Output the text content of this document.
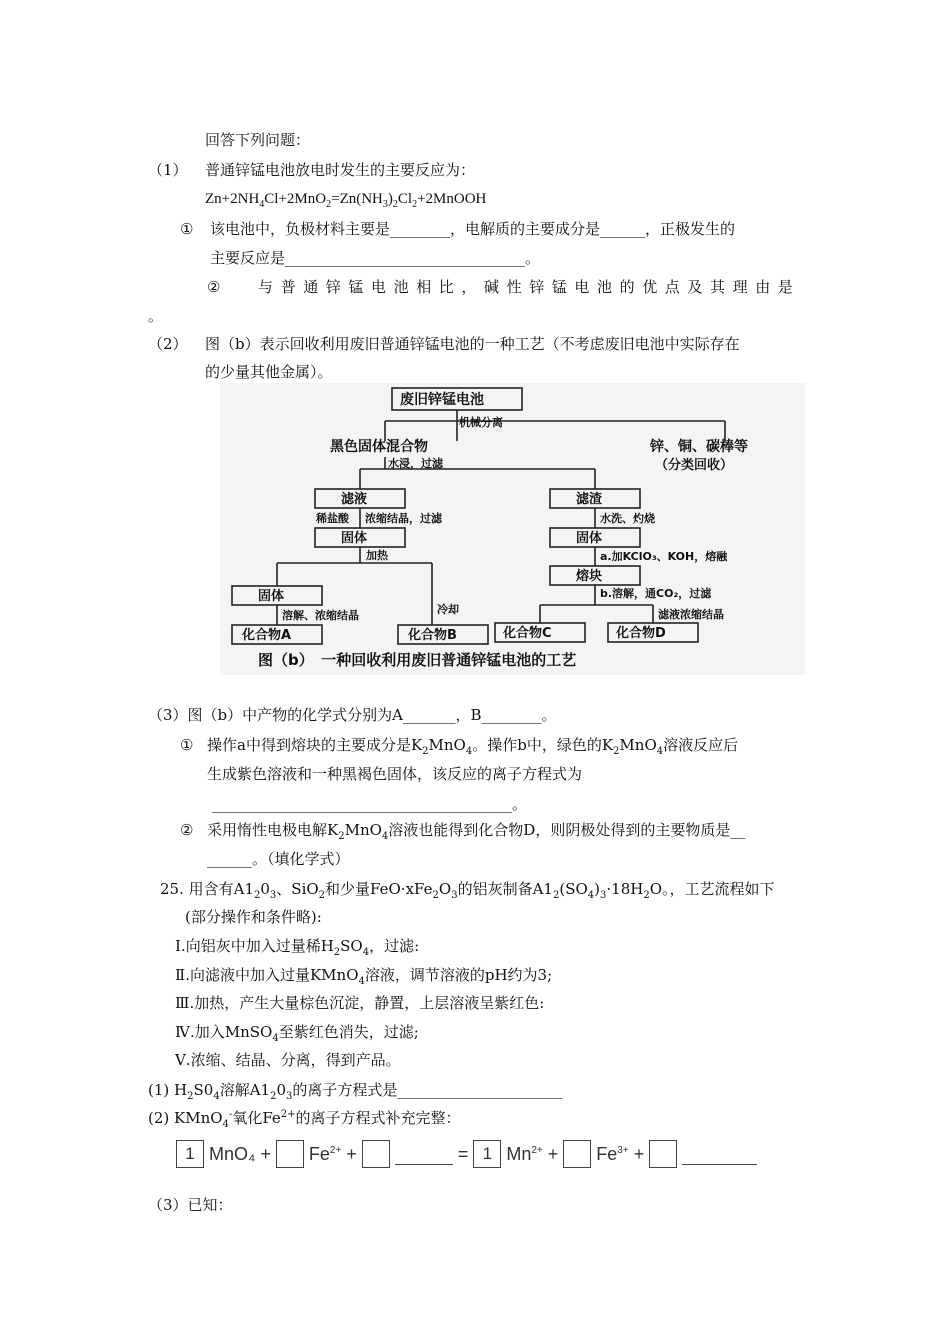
回答下列问题：
（1） 普通锌锰电池放电时发生的主要反应为：
$Zn+2NH_4Cl+2MnO_2=Zn(NH_3)_2Cl_2+2MnOOH$
① 该电池中，负极材料主要是________，电解质的主要成分是______，正极发生的
主要反应是________________________________。
②	与普通锌锰电池相比，碱性锌锰电池的优点及其理由是
。
（2） 图（b）表示回收利用废旧普通锌锰电池的一种工艺（不考虑废旧电池中实际存在
的少量其他金属）。
废旧锌锰电池
机械分离
黑色固体混合物	锌、铜、碳棒等
（分类回收）
水浸，过滤
滤液	滤渣
稀盐酸 浓缩结晶，过滤	水洗、灼烧
固体	固体
加热	a.加KClO₃、KOH，熔融
熔块
固体	b.溶解，通CO₂，过滤
溶解、浓缩结晶	冷却	滤液浓缩结晶
化合物A	化合物B	化合物C	化合物D
图（b）　一种回收利用废旧普通锌锰电池的工艺
（3）图（b）中产物的化学式分别为A_______，B________。
① 操作a中得到熔块的主要成分是$K_2MnO_4$。操作b中，绿色的$K_2MnO_4$溶液反应后
生成紫色溶液和一种黑褐色固体，该反应的离子方程式为
________________________________________。
② 采用惰性电极电解$K_2MnO_4$溶液也能得到化合物D，则阴极处得到的主要物质是__
______。（填化学式）
25. 用含有$A1_20_3$、SiO$_2$和少量$FeO\cdot xFe_2O_3$的铝灰制备$A1_2(SO_4)_3\cdot 18H_2O$。，工艺流程如下
(部分操作和条件略):
Ⅰ.向铝灰中加入过量稀$H_2SO_4$，过滤:
Ⅱ.向滤液中加入过量KMnO$_4$溶液，调节溶液的pH约为3;
Ⅲ.加热，产生大量棕色沉淀，静置，上层溶液呈紫红色:
Ⅳ.加入MnSO$_4$至紫红色消失，过滤;
Ⅴ.浓缩、结晶、分离，得到产品。
(1) $H_2S0_4$溶解$A1_20_3$的离子方程式是______________________
(2) KMnO$_4$-氧化$Fe^{2+}$的离子方程式补充完整：
1 $MnO_4 + Fe^{2+}$ +	= 1 $Mn^{2+} + Fe^{3+}$ +
（3）已知：
